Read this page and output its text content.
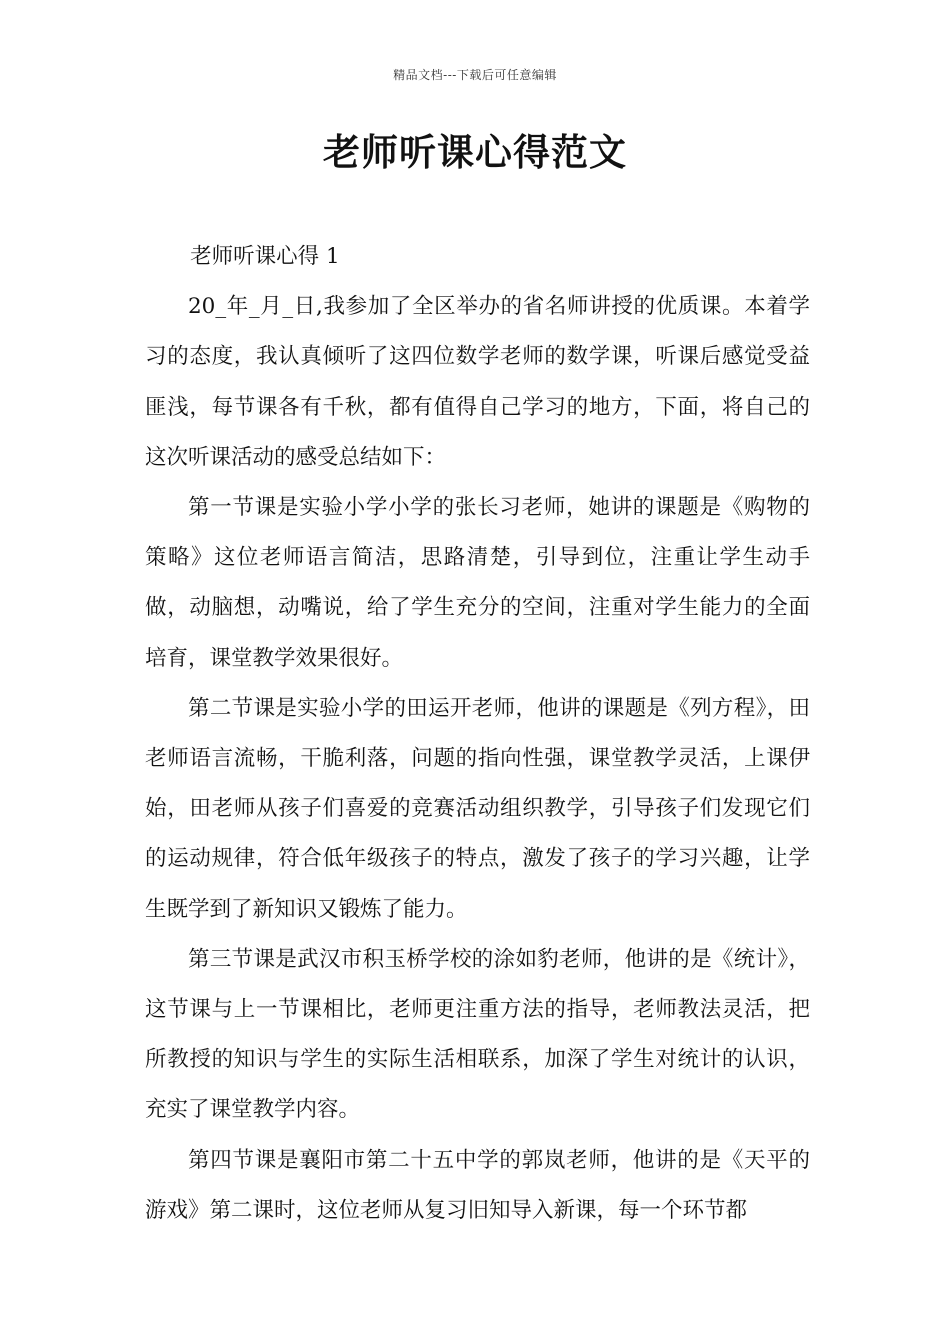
精品文档---下载后可任意编辑
老师听课心得范文

老师听课心得 1

20_年_月_日,我参加了全区举办的省名师讲授的优质课。本着学习的态度，我认真倾听了这四位数学老师的数学课，听课后感觉受益匪浅，每节课各有千秋，都有值得自己学习的地方，下面，将自己的这次听课活动的感受总结如下：

第一节课是实验小学小学的张长习老师，她讲的课题是《购物的策略》这位老师语言简洁，思路清楚，引导到位，注重让学生动手做，动脑想，动嘴说，给了学生充分的空间，注重对学生能力的全面培育，课堂教学效果很好。

第二节课是实验小学的田运开老师，他讲的课题是《列方程》，田老师语言流畅，干脆利落，问题的指向性强，课堂教学灵活，上课伊始，田老师从孩子们喜爱的竞赛活动组织教学，引导孩子们发现它们的运动规律，符合低年级孩子的特点，激发了孩子的学习兴趣，让学生既学到了新知识又锻炼了能力。

第三节课是武汉市积玉桥学校的涂如豹老师，他讲的是《统计》，这节课与上一节课相比，老师更注重方法的指导，老师教法灵活，把所教授的知识与学生的实际生活相联系，加深了学生对统计的认识，充实了课堂教学内容。

第四节课是襄阳市第二十五中学的郭岚老师，他讲的是《天平的游戏》第二课时，这位老师从复习旧知导入新课，每一个环节都
